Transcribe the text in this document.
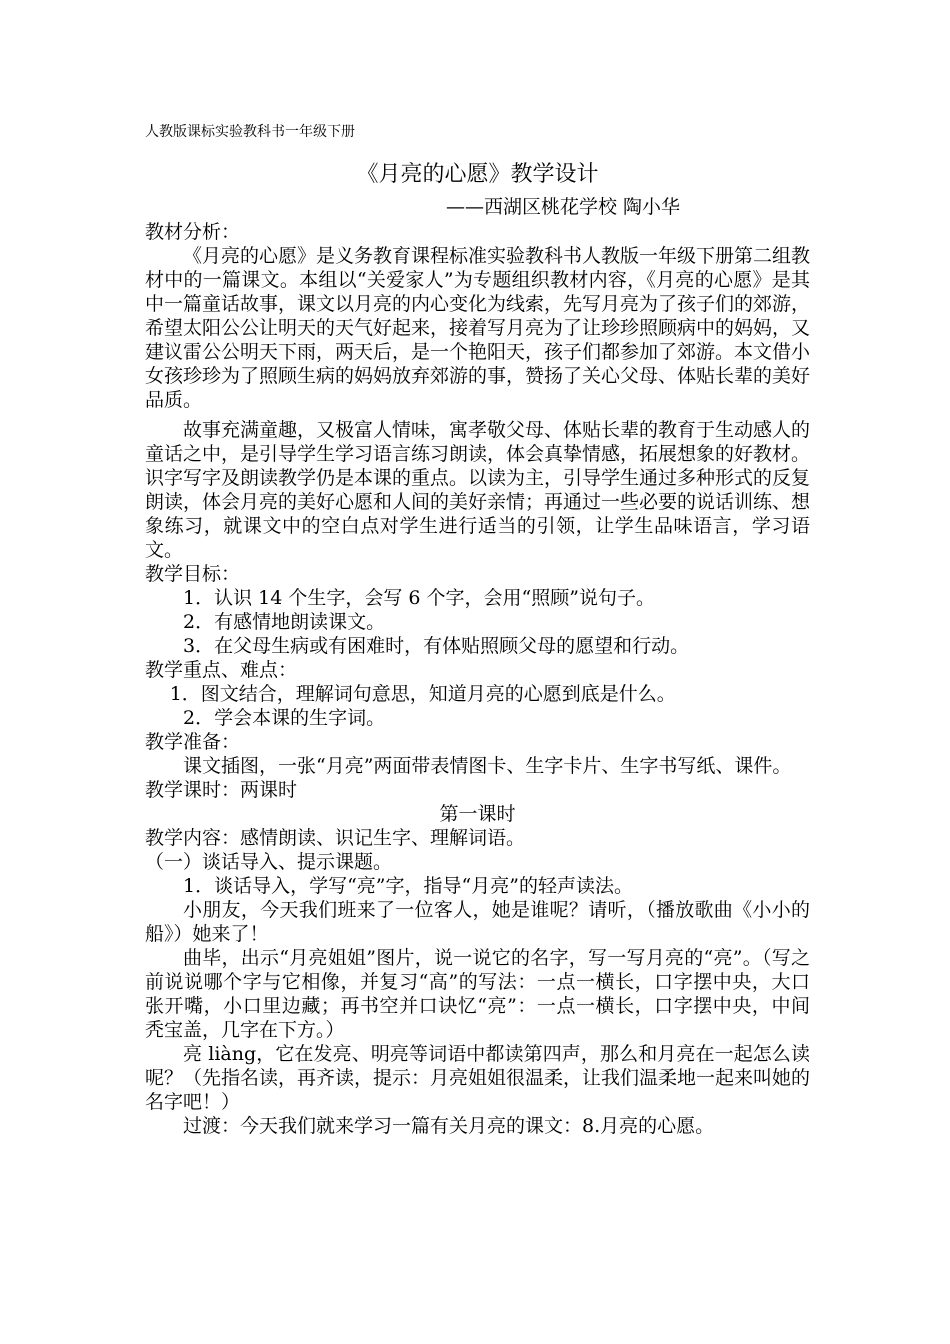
人教版课标实验教科书一年级下册
《月亮的心愿》教学设计
——西湖区桃花学校 陶小华

教材分析：

《月亮的心愿》是义务教育课程标准实验教科书人教版一年级下册第二组教材中的一篇课文。本组以“关爱家人”为专题组织教材内容，《月亮的心愿》是其中一篇童话故事，课文以月亮的内心变化为线索，先写月亮为了孩子们的郊游，希望太阳公公让明天的天气好起来，接着写月亮为了让珍珍照顾病中的妈妈，又建议雷公公明天下雨，两天后，是一个艳阳天，孩子们都参加了郊游。本文借小女孩珍珍为了照顾生病的妈妈放弃郊游的事，赞扬了关心父母、体贴长辈的美好品质。

故事充满童趣，又极富人情味，寓孝敬父母、体贴长辈的教育于生动感人的童话之中，是引导学生学习语言练习朗读，体会真挚情感，拓展想象的好教材。识字写字及朗读教学仍是本课的重点。以读为主，引导学生通过多种形式的反复朗读，体会月亮的美好心愿和人间的美好亲情；再通过一些必要的说话训练、想象练习，就课文中的空白点对学生进行适当的引领，让学生品味语言，学习语文。

教学目标：

1．认识 14 个生字，会写 6 个字，会用“照顾”说句子。

2．有感情地朗读课文。

3．在父母生病或有困难时，有体贴照顾父母的愿望和行动。

教学重点、难点：

1．图文结合，理解词句意思，知道月亮的心愿到底是什么。

2．学会本课的生字词。

教学准备：

课文插图，一张“月亮”两面带表情图卡、生字卡片、生字书写纸、课件。

教学课时：两课时

第一课时

教学内容：感情朗读、识记生字、理解词语。

（一）谈话导入、提示课题。

1．谈话导入，学写“亮”字，指导“月亮”的轻声读法。

小朋友，今天我们班来了一位客人，她是谁呢？请听，（播放歌曲《小小的船》）她来了！

曲毕，出示“月亮姐姐”图片，说一说它的名字，写一写月亮的“亮”。（写之前说说哪个字与它相像，并复习“高”的写法：一点一横长，口字摆中央，大口张开嘴，小口里边藏；再书空并口诀忆“亮”：一点一横长，口字摆中央，中间秃宝盖，几字在下方。）

亮 liàng，它在发亮、明亮等词语中都读第四声，那么和月亮在一起怎么读呢？（先指名读，再齐读，提示：月亮姐姐很温柔，让我们温柔地一起来叫她的名字吧！）

过渡：今天我们就来学习一篇有关月亮的课文：8.月亮的心愿。
